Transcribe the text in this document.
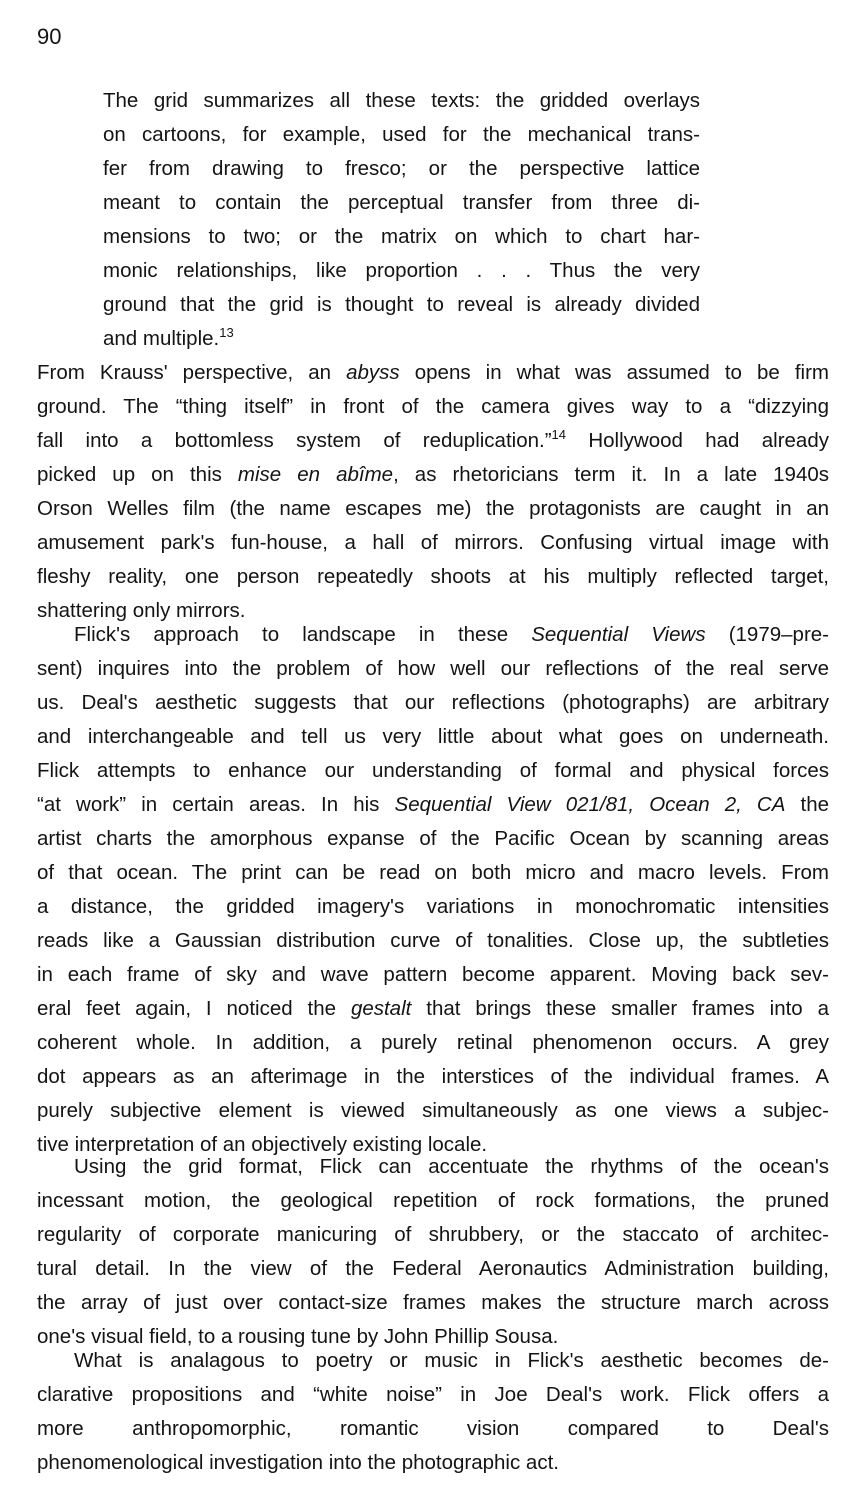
90

The grid summarizes all these texts: the gridded overlays
on cartoons, for example, used for the mechanical trans-
fer from drawing to fresco; or the perspective lattice
meant to contain the perceptual transfer from three di-
mensions to two; or the matrix on which to chart har-
monic relationships, like proportion . . . Thus the very
ground that the grid is thought to reveal is already divided
and multiple.$^{13}$
From Krauss' perspective, an abyss opens in what was assumed to be firm
ground. The “thing itself” in front of the camera gives way to a “dizzying
fall into a bottomless system of reduplication.”$^{14}$ Hollywood had already
picked up on this mise en abîme, as rhetoricians term it. In a late 1940s
Orson Welles film (the name escapes me) the protagonists are caught in an
amusement park's fun-house, a hall of mirrors. Confusing virtual image with
fleshy reality, one person repeatedly shoots at his multiply reflected target,
shattering only mirrors.
Flick's approach to landscape in these Sequential Views (1979–pre-
sent) inquires into the problem of how well our reflections of the real serve
us. Deal's aesthetic suggests that our reflections (photographs) are arbitrary
and interchangeable and tell us very little about what goes on underneath.
Flick attempts to enhance our understanding of formal and physical forces
“at work” in certain areas. In his Sequential View 021/81, Ocean 2, CA the
artist charts the amorphous expanse of the Pacific Ocean by scanning areas
of that ocean. The print can be read on both micro and macro levels. From
a distance, the gridded imagery's variations in monochromatic intensities
reads like a Gaussian distribution curve of tonalities. Close up, the subtleties
in each frame of sky and wave pattern become apparent. Moving back sev-
eral feet again, I noticed the gestalt that brings these smaller frames into a
coherent whole. In addition, a purely retinal phenomenon occurs. A grey
dot appears as an afterimage in the interstices of the individual frames. A
purely subjective element is viewed simultaneously as one views a subjec-
tive interpretation of an objectively existing locale.
Using the grid format, Flick can accentuate the rhythms of the ocean's
incessant motion, the geological repetition of rock formations, the pruned
regularity of corporate manicuring of shrubbery, or the staccato of architec-
tural detail. In the view of the Federal Aeronautics Administration building,
the array of just over contact-size frames makes the structure march across
one's visual field, to a rousing tune by John Phillip Sousa.
What is analagous to poetry or music in Flick's aesthetic becomes de-
clarative propositions and “white noise” in Joe Deal's work. Flick offers a
more anthropomorphic, romantic vision compared to Deal's
phenomenological investigation into the photographic act.
